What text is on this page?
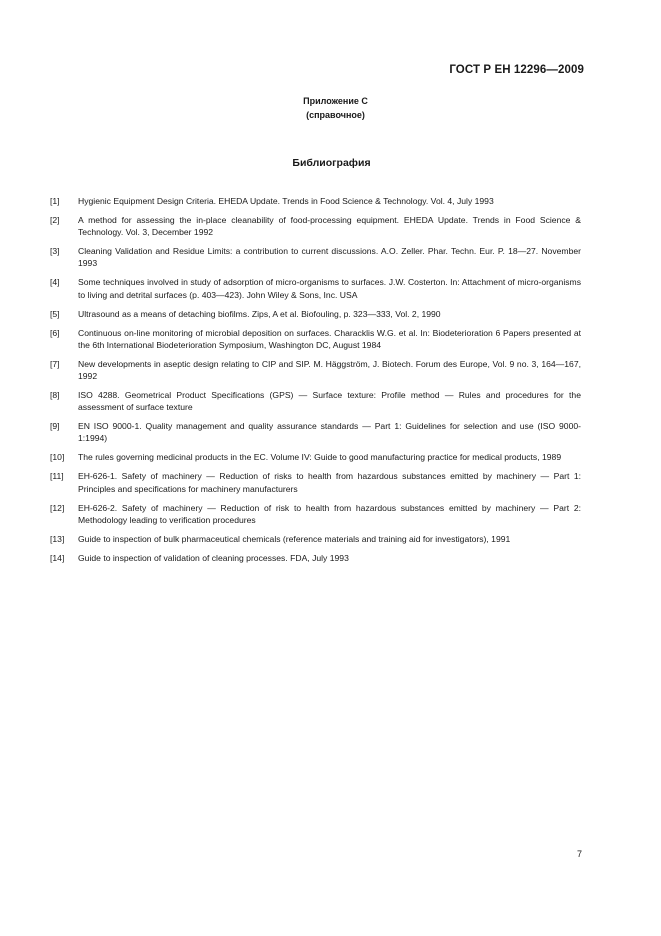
ГОСТ Р ЕН 12296—2009
Приложение С
(справочное)
Библиография
[1]	Hygienic Equipment Design Criteria. EHEDA Update. Trends in Food Science & Technology. Vol. 4, July 1993
[2]	A method for assessing the in-place cleanability of food-processing equipment. EHEDA Update. Trends in Food Science & Technology. Vol. 3, December 1992
[3]	Cleaning Validation and Residue Limits: a contribution to current discussions. A.O. Zeller. Phar. Techn. Eur. P. 18—27. November 1993
[4]	Some techniques involved in study of adsorption of micro-organisms to surfaces. J.W. Costerton. In: Attachment of micro-organisms to living and detrital surfaces (p. 403—423). John Wiley & Sons, Inc. USA
[5]	Ultrasound as a means of detaching biofilms. Zips, A et al. Biofouling, p. 323—333, Vol. 2, 1990
[6]	Continuous on-line monitoring of microbial deposition on surfaces. Characklis W.G. et al. In: Biodeterioration 6 Papers presented at the 6th International Biodeterioration Symposium, Washington DC, August 1984
[7]	New developments in aseptic design relating to CIP and SIP. M. Häggström, J. Biotech. Forum des Europe, Vol. 9 no. 3, 164—167, 1992
[8]	ISO 4288. Geometrical Product Specifications (GPS) — Surface texture: Profile method — Rules and procedures for the assessment of surface texture
[9]	EN ISO 9000-1. Quality management and quality assurance standards — Part 1: Guidelines for selection and use (ISO 9000-1:1994)
[10]	The rules governing medicinal products in the EC. Volume IV: Guide to good manufacturing practice for medical products, 1989
[11]	EH-626-1. Safety of machinery — Reduction of risks to health from hazardous substances emitted by machinery — Part 1: Principles and specifications for machinery manufacturers
[12]	EH-626-2. Safety of machinery — Reduction of risk to health from hazardous substances emitted by machinery — Part 2: Methodology leading to verification procedures
[13]	Guide to inspection of bulk pharmaceutical chemicals (reference materials and training aid for investigators), 1991
[14]	Guide to inspection of validation of cleaning processes. FDA, July 1993
7
